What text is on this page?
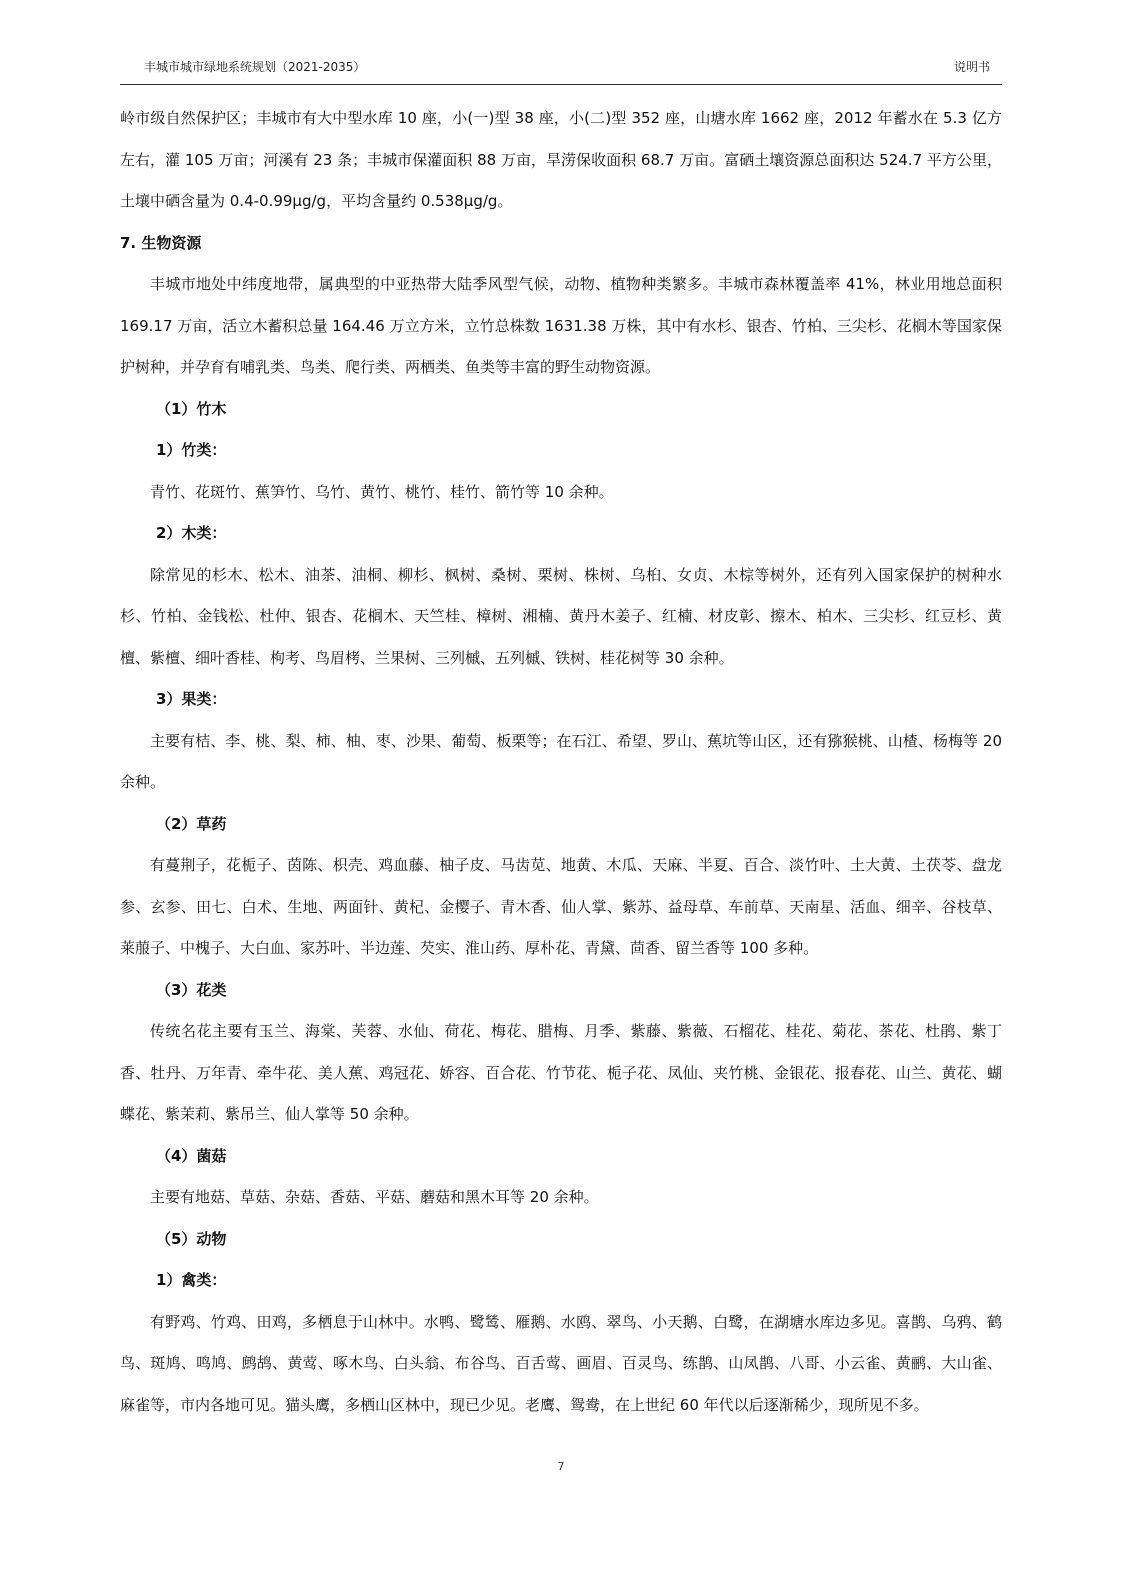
丰城市城市绿地系统规划（2021-2035）	说明书

岭市级自然保护区；丰城市有大中型水库 10 座，小(一)型 38 座，小(二)型 352 座，山塘水库 1662 座，2012 年蓄水在 5.3 亿方左右，灌 105 万亩；河溪有 23 条；丰城市保灌面积 88 万亩，旱涝保收面积 68.7 万亩。富硒土壤资源总面积达 524.7 平方公里，土壤中硒含量为 0.4-0.99μg/g，平均含量约 0.538μg/g。

7. 生物资源

丰城市地处中纬度地带，属典型的中亚热带大陆季风型气候，动物、植物种类繁多。丰城市森林覆盖率 41%，林业用地总面积 169.17 万亩，活立木蓄积总量 164.46 万立方米，立竹总株数 1631.38 万株，其中有水杉、银杏、竹柏、三尖杉、花榈木等国家保护树种，并孕育有哺乳类、鸟类、爬行类、两栖类、鱼类等丰富的野生动物资源。

（1）竹木

1）竹类：

青竹、花斑竹、蕉笋竹、乌竹、黄竹、桃竹、桂竹、箭竹等 10 余种。

2）木类：

除常见的杉木、松木、油茶、油桐、柳杉、枫树、桑树、栗树、株树、乌桕、女贞、木棕等树外，还有列入国家保护的树种水杉、竹柏、金钱松、杜仲、银杏、花榈木、天竺桂、樟树、湘楠、黄丹木姜子、红楠、材皮彰、擦木、柏木、三尖杉、红豆杉、黄檀、紫檀、细叶香桂、枸考、鸟眉栲、兰果树、三列槭、五列槭、铁树、桂花树等 30 余种。

3）果类：

主要有桔、李、桃、梨、柿、柚、枣、沙果、葡萄、板栗等；在石江、希望、罗山、蕉坑等山区，还有猕猴桃、山楂、杨梅等 20 余种。

（2）草药

有蔓荆子，花栀子、茵陈、枳壳、鸡血藤、柚子皮、马齿苋、地黄、木瓜、天麻、半夏、百合、淡竹叶、土大黄、土茯苓、盘龙参、玄参、田七、白术、生地、两面针、黄杞、金樱子、青木香、仙人掌、紫苏、益母草、车前草、天南星、活血、细辛、谷枝草、莱菔子、中槐子、大白血、家苏叶、半边莲、芡实、淮山药、厚朴花、青黛、茴香、留兰香等 100 多种。

（3）花类

传统名花主要有玉兰、海棠、芙蓉、水仙、荷花、梅花、腊梅、月季、紫藤、紫薇、石榴花、桂花、菊花、茶花、杜鹃、紫丁香、牡丹、万年青、牵牛花、美人蕉、鸡冠花、娇容、百合花、竹节花、栀子花、凤仙、夹竹桃、金银花、报春花、山兰、黄花、蝴蝶花、紫茉莉、紫吊兰、仙人掌等 50 余种。

（4）菌菇

主要有地菇、草菇、杂菇、香菇、平菇、蘑菇和黑木耳等 20 余种。

（5）动物

1）禽类：

有野鸡、竹鸡、田鸡，多栖息于山林中。水鸭、鹭鸶、雁鹅、水鸥、翠鸟、小天鹅、白鹭，在湖塘水库边多见。喜鹊、乌鸦、鹤鸟、斑鸠、鸣鸠、鹧鸪、黄莺、啄木鸟、白头翁、布谷鸟、百舌莺、画眉、百灵鸟、练鹊、山凤鹊、八哥、小云雀、黄鹂、大山雀、麻雀等，市内各地可见。猫头鹰，多栖山区林中，现已少见。老鹰、鸳鸯，在上世纪 60 年代以后逐渐稀少，现所见不多。

7
